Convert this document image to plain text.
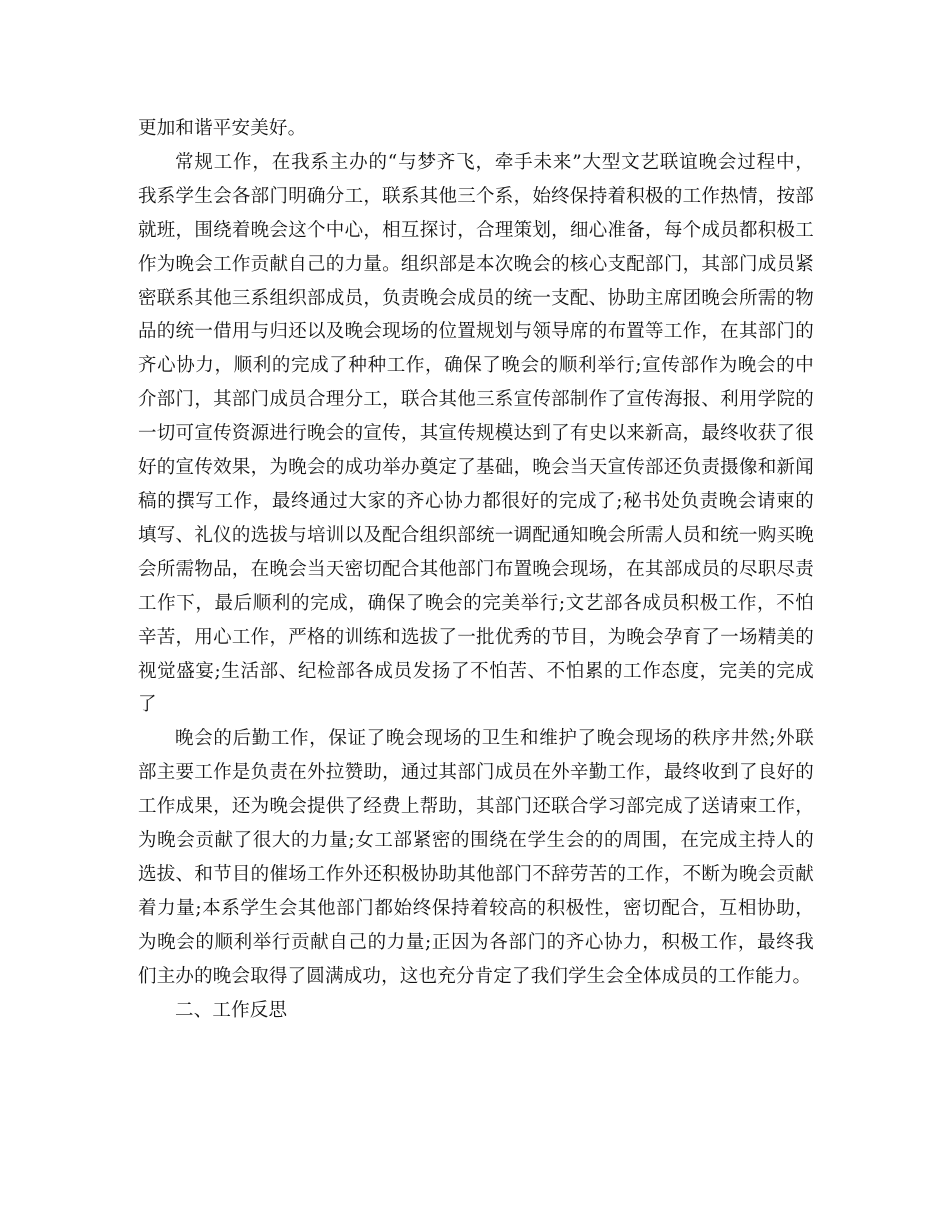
更加和谐平安美好。
常规工作，在我系主办的“与梦齐飞，牵手未来”大型文艺联谊晚会过程中，
我系学生会各部门明确分工，联系其他三个系，始终保持着积极的工作热情，按部
就班，围绕着晚会这个中心，相互探讨，合理策划，细心准备，每个成员都积极工
作为晚会工作贡献自己的力量。组织部是本次晚会的核心支配部门，其部门成员紧
密联系其他三系组织部成员，负责晚会成员的统一支配、协助主席团晚会所需的物
品的统一借用与归还以及晚会现场的位置规划与领导席的布置等工作，在其部门的
齐心协力，顺利的完成了种种工作，确保了晚会的顺利举行;宣传部作为晚会的中
介部门，其部门成员合理分工，联合其他三系宣传部制作了宣传海报、利用学院的
一切可宣传资源进行晚会的宣传，其宣传规模达到了有史以来新高，最终收获了很
好的宣传效果，为晚会的成功举办奠定了基础，晚会当天宣传部还负责摄像和新闻
稿的撰写工作，最终通过大家的齐心协力都很好的完成了;秘书处负责晚会请柬的
填写、礼仪的选拔与培训以及配合组织部统一调配通知晚会所需人员和统一购买晚
会所需物品，在晚会当天密切配合其他部门布置晚会现场，在其部成员的尽职尽责
工作下，最后顺利的完成，确保了晚会的完美举行;文艺部各成员积极工作，不怕
辛苦，用心工作，严格的训练和选拔了一批优秀的节目，为晚会孕育了一场精美的
视觉盛宴;生活部、纪检部各成员发扬了不怕苦、不怕累的工作态度，完美的完成
了
晚会的后勤工作，保证了晚会现场的卫生和维护了晚会现场的秩序井然;外联
部主要工作是负责在外拉赞助，通过其部门成员在外辛勤工作，最终收到了良好的
工作成果，还为晚会提供了经费上帮助，其部门还联合学习部完成了送请柬工作，
为晚会贡献了很大的力量;女工部紧密的围绕在学生会的的周围，在完成主持人的
选拔、和节目的催场工作外还积极协助其他部门不辞劳苦的工作，不断为晚会贡献
着力量;本系学生会其他部门都始终保持着较高的积极性，密切配合，互相协助，
为晚会的顺利举行贡献自己的力量;正因为各部门的齐心协力，积极工作，最终我
们主办的晚会取得了圆满成功，这也充分肯定了我们学生会全体成员的工作能力。
二、工作反思
